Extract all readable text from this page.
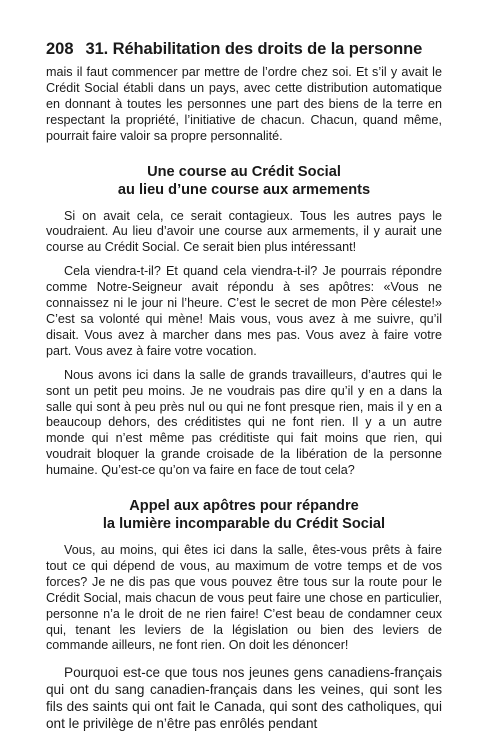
208 31. Réhabilitation des droits de la personne

mais il faut commencer par mettre de l’ordre chez soi. Et s’il y avait le Crédit Social établi dans un pays, avec cette distribution automatique en donnant à toutes les personnes une part des biens de la terre en respectant la propriété, l’initiative de chacun. Chacun, quand même, pourrait faire valoir sa propre personnalité.

Une course au Crédit Social
au lieu d’une course aux armements

Si on avait cela, ce serait contagieux. Tous les autres pays le voudraient. Au lieu d’avoir une course aux armements, il y aurait une course au Crédit Social. Ce serait bien plus intéressant!

Cela viendra-t-il? Et quand cela viendra-t-il? Je pourrais répondre comme Notre-Seigneur avait répondu à ses apôtres: «Vous ne connaissez ni le jour ni l’heure. C’est le secret de mon Père céleste!» C’est sa volonté qui mène! Mais vous, vous avez à me suivre, qu’il disait. Vous avez à marcher dans mes pas. Vous avez à faire votre part. Vous avez à faire votre vocation.

Nous avons ici dans la salle de grands travailleurs, d’autres qui le sont un petit peu moins. Je ne voudrais pas dire qu’il y en a dans la salle qui sont à peu près nul ou qui ne font presque rien, mais il y en a beaucoup dehors, des créditistes qui ne font rien. Il y a un autre monde qui n’est même pas créditiste qui fait moins que rien, qui voudrait bloquer la grande croisade de la libération de la personne humaine. Qu’est-ce qu’on va faire en face de tout cela?

Appel aux apôtres pour répandre
la lumière incomparable du Crédit Social

Vous, au moins, qui êtes ici dans la salle, êtes-vous prêts à faire tout ce qui dépend de vous, au maximum de votre temps et de vos forces? Je ne dis pas que vous pouvez être tous sur la route pour le Crédit Social, mais chacun de vous peut faire une chose en particulier, personne n’a le droit de ne rien faire! C’est beau de condamner ceux qui, tenant les leviers de la législation ou bien des leviers de commande ailleurs, ne font rien. On doit les dénoncer!

Pourquoi est-ce que tous nos jeunes gens canadiens-français qui ont du sang canadien-français dans les veines, qui sont les fils des saints qui ont fait le Canada, qui sont des catholiques, qui ont le privilège de n’être pas enrôlés pendant
